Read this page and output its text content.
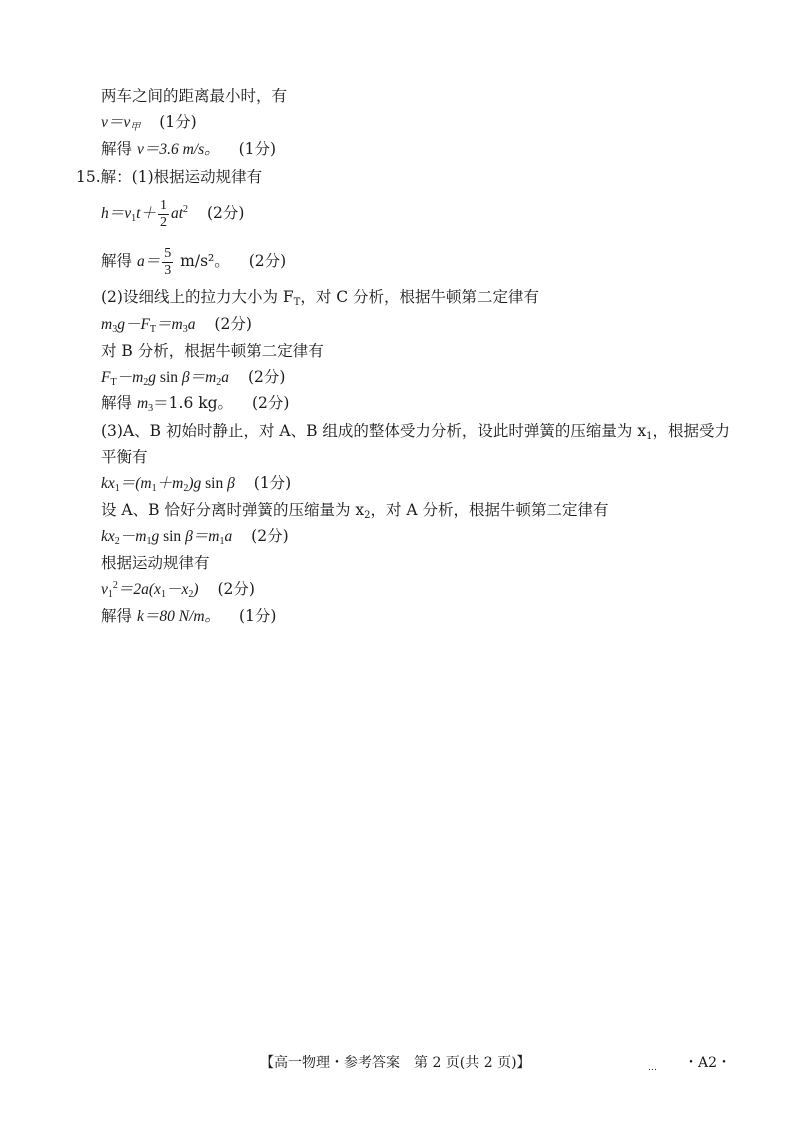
两车之间的距离最小时，有
$v=v_甲$ (1分)
解得 v＝3.6 m/s。 (1分)
15.解：(1)根据运动规律有
$h=v_1t+ \frac{1}{2} at^2$ (2分)
解得 $a= \frac{5}{3} m/s^2$。 (2分)
(2)设细线上的拉力大小为 $F_T$，对 C 分析，根据牛顿第二定律有
$m_3g-F_T=m_3a$ (2分)
对 B 分析，根据牛顿第二定律有
$F_T-m_2g$ $\sin \beta=m_2a$ (2分)
解得 $m_3=1.6$ kg。 (2分)
(3)A、B 初始时静止，对 A、B 组成的整体受力分析，设此时弹簧的压缩量为 $x_1$，根据受力
平衡有
$kx_1=(m_1+m_2)g$ sin β (1分)
设 A、B 恰好分离时弹簧的压缩量为 $x_2$，对 A 分析，根据牛顿第二定律有
$kx_2-m_1g$ $\sin \beta=m_1a$ (2分)
根据运动规律有
$v_1^2=2a(x_1-x_2)$ (2分)
解得 k＝80 N/m。 (1分)
【高一物理・参考答案　第 2 页(共 2 页)】	… ・A2・
